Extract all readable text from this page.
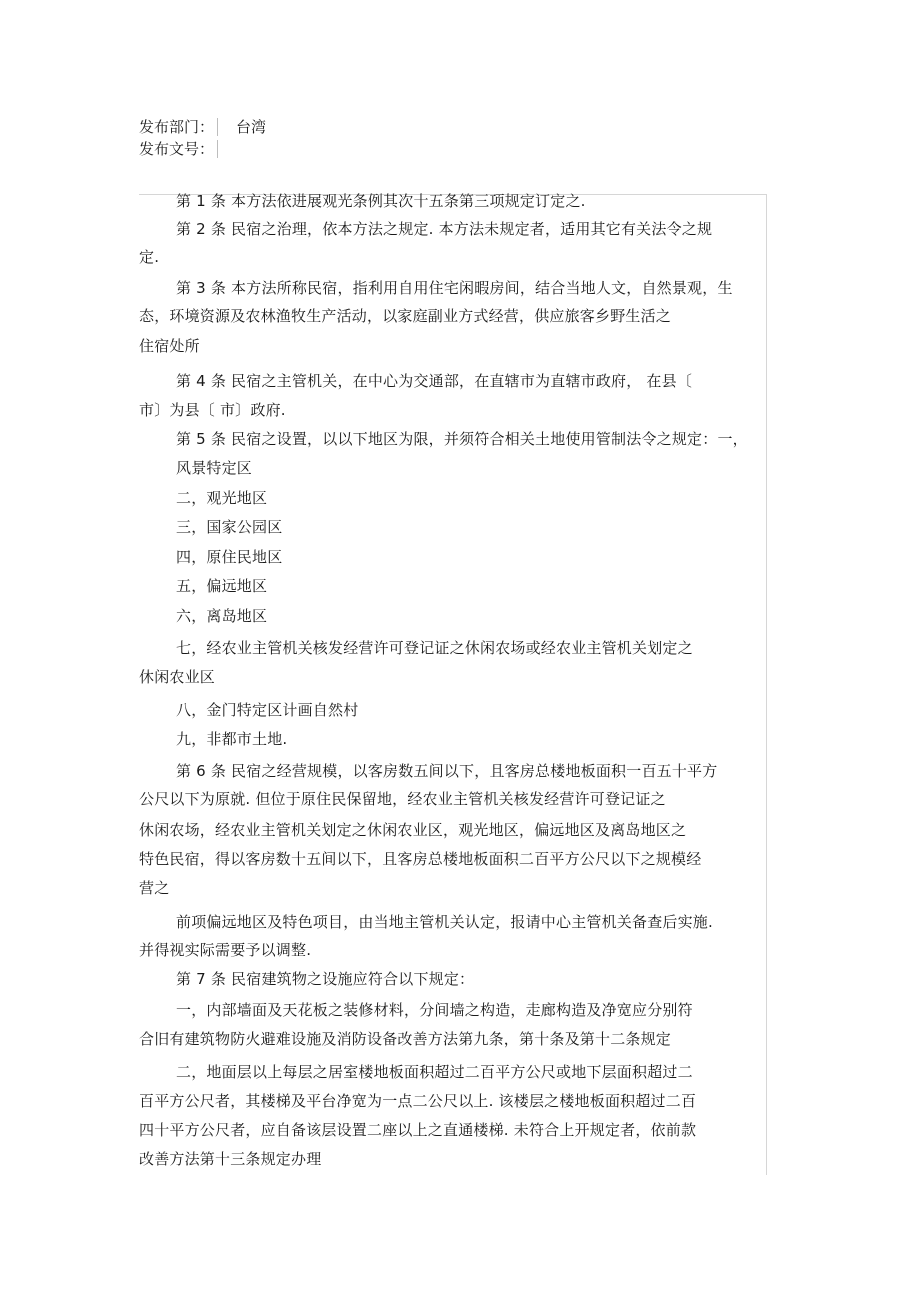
发布部门：	台湾
发布文号：
第 1 条 本方法依进展观光条例其次十五条第三项规定订定之.
第 2 条 民宿之治理，依本方法之规定. 本方法未规定者，适用其它有关法令之规
定.
第 3 条 本方法所称民宿，指利用自用住宅闲暇房间，结合当地人文，自然景观，生
态，环境资源及农林渔牧生产活动，以家庭副业方式经营，供应旅客乡野生活之
住宿处所
第 4 条 民宿之主管机关，在中心为交通部，在直辖市为直辖市政府， 在县〔
市〕为县〔 市〕政府.
第 5 条 民宿之设置，以以下地区为限，并须符合相关土地使用管制法令之规定：一，
风景特定区
二，观光地区
三，国家公园区
四，原住民地区
五，偏远地区
六，离岛地区
七，经农业主管机关核发经营许可登记证之休闲农场或经农业主管机关划定之
休闲农业区
八，金门特定区计画自然村
九，非都市土地.
第 6 条 民宿之经营规模，以客房数五间以下，且客房总楼地板面积一百五十平方
公尺以下为原就. 但位于原住民保留地，经农业主管机关核发经营许可登记证之
休闲农场，经农业主管机关划定之休闲农业区，观光地区，偏远地区及离岛地区之
特色民宿，得以客房数十五间以下，且客房总楼地板面积二百平方公尺以下之规模经
营之
前项偏远地区及特色项目，由当地主管机关认定，报请中心主管机关备查后实施.
并得视实际需要予以调整.
第 7 条 民宿建筑物之设施应符合以下规定：
一，内部墙面及天花板之装修材料，分间墙之构造，走廊构造及净宽应分别符
合旧有建筑物防火避难设施及消防设备改善方法第九条，第十条及第十二条规定
二，地面层以上每层之居室楼地板面积超过二百平方公尺或地下层面积超过二
百平方公尺者，其楼梯及平台净宽为一点二公尺以上. 该楼层之楼地板面积超过二百
四十平方公尺者，应自备该层设置二座以上之直通楼梯. 未符合上开规定者，依前款
改善方法第十三条规定办理
